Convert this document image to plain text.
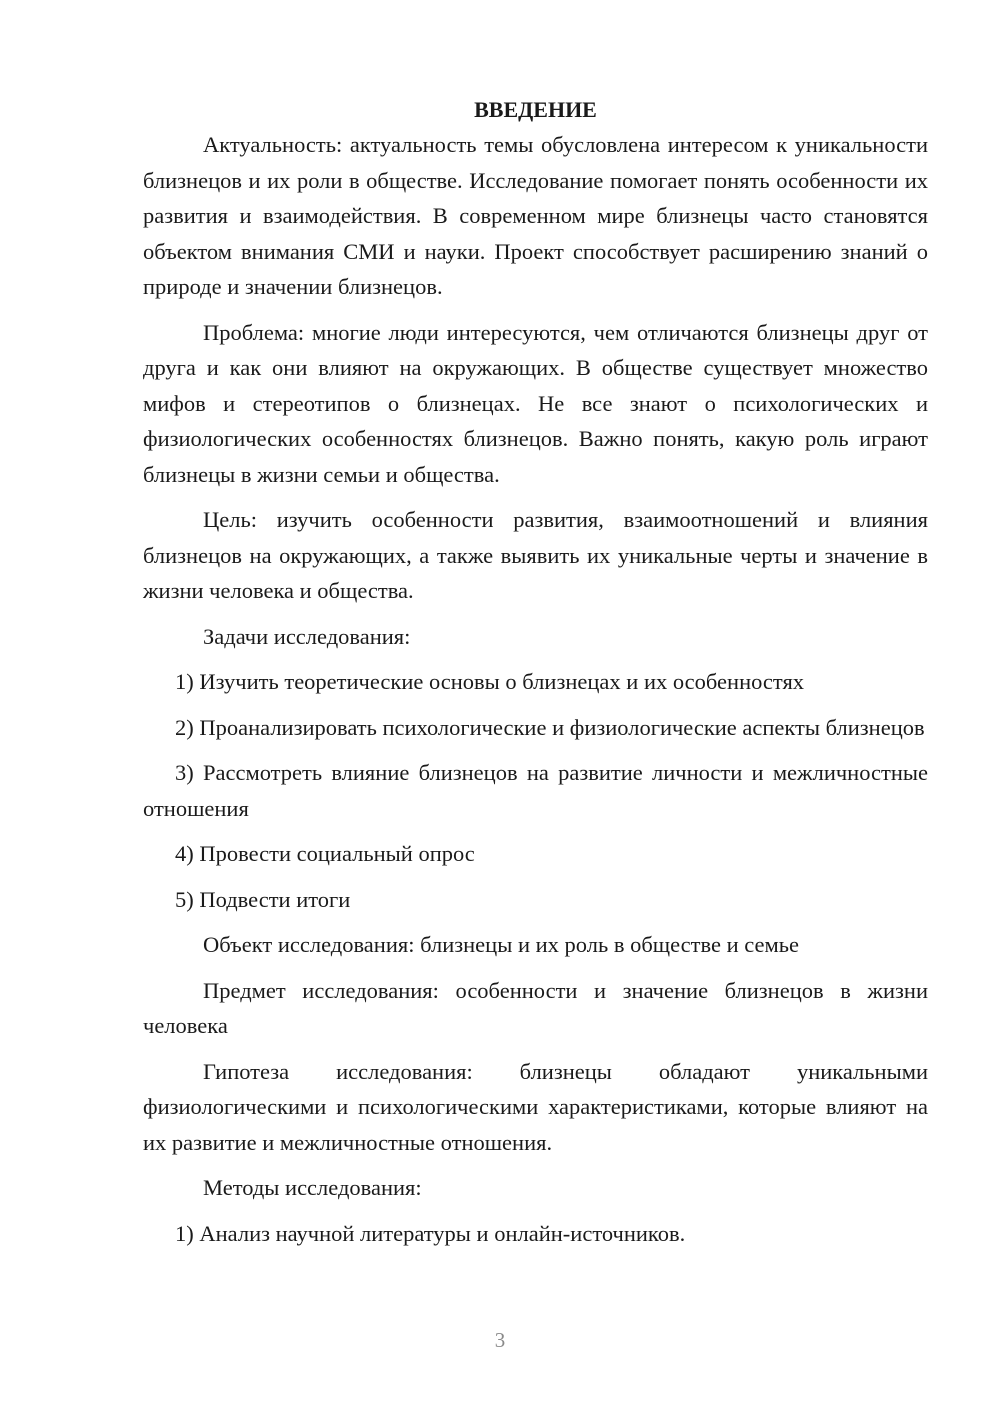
ВВЕДЕНИЕ

Актуальность: актуальность темы обусловлена интересом к уникальности близнецов и их роли в обществе. Исследование помогает понять особенности их развития и взаимодействия. В современном мире близнецы часто становятся объектом внимания СМИ и науки. Проект способствует расширению знаний о природе и значении близнецов.

Проблема: многие люди интересуются, чем отличаются близнецы друг от друга и как они влияют на окружающих. В обществе существует множество мифов и стереотипов о близнецах. Не все знают о психологических и физиологических особенностях близнецов. Важно понять, какую роль играют близнецы в жизни семьи и общества.

Цель: изучить особенности развития, взаимоотношений и влияния близнецов на окружающих, а также выявить их уникальные черты и значение в жизни человека и общества.

Задачи исследования:

1) Изучить теоретические основы о близнецах и их особенностях

2) Проанализировать психологические и физиологические аспекты близнецов

3) Рассмотреть влияние близнецов на развитие личности и межличностные отношения

4) Провести социальный опрос

5) Подвести итоги

Объект исследования: близнецы и их роль в обществе и семье

Предмет исследования: особенности и значение близнецов в жизни человека

Гипотеза исследования: близнецы обладают уникальными физиологическими и психологическими характеристиками, которые влияют на их развитие и межличностные отношения.

Методы исследования:

1) Анализ научной литературы и онлайн-источников.

3
